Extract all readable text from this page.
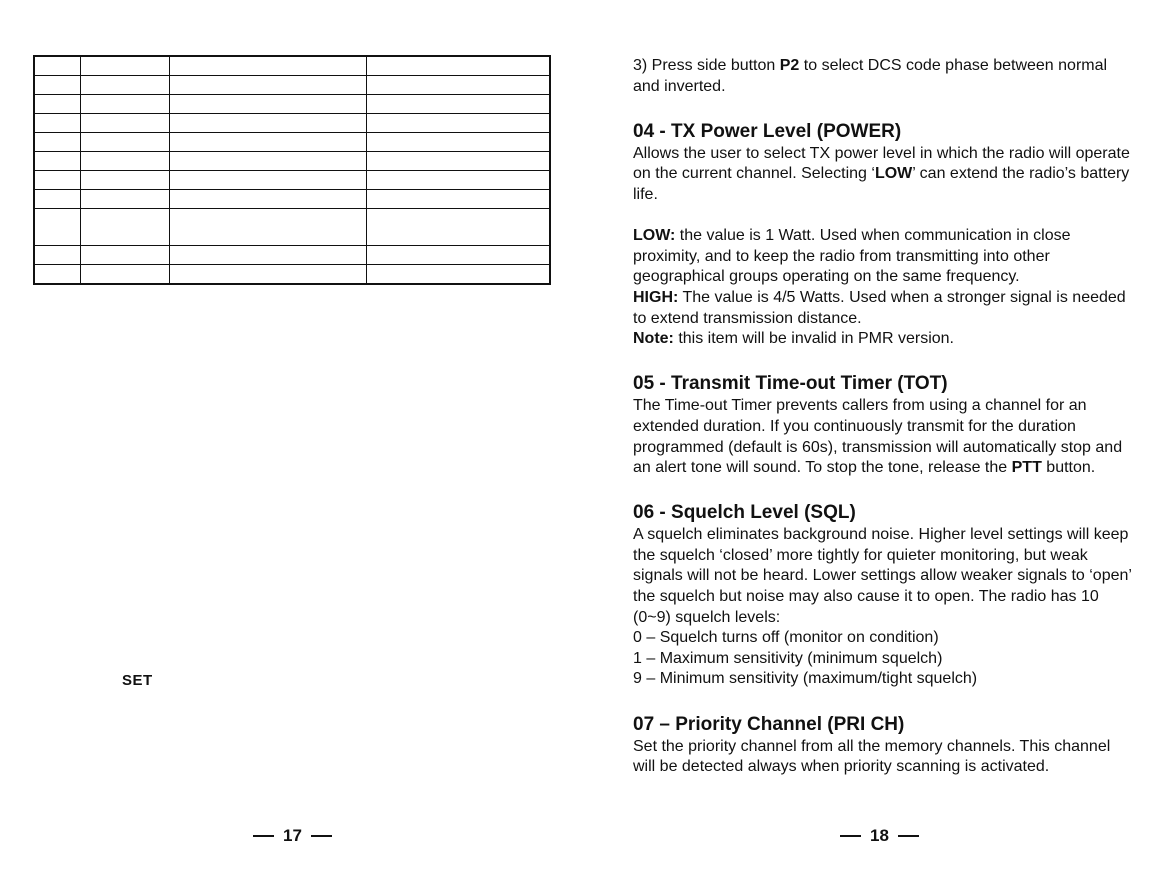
SET
17

3) Press side button P2 to select DCS code phase between normal and inverted.

04 - TX Power Level (POWER)

Allows the user to select TX power level in which the radio will operate on the current channel. Selecting ‘LOW’ can extend the radio’s battery life.

LOW: the value is 1 Watt. Used when communication in close proximity, and to keep the radio from transmitting into other geographical groups operating on the same frequency.

HIGH: The value is 4/5 Watts. Used when a stronger signal is needed to extend transmission distance.

Note: this item will be invalid in PMR version.

05 - Transmit Time-out Timer (TOT)

The Time-out Timer prevents callers from using a channel for an extended duration. If you continuously transmit for the duration programmed (default is 60s), transmission will automatically stop and an alert tone will sound. To stop the tone, release the PTT button.

06 - Squelch Level (SQL)

A squelch eliminates background noise. Higher level settings will keep the squelch ‘closed’ more tightly for quieter monitoring, but weak signals will not be heard. Lower settings allow weaker signals to ‘open’ the squelch but noise may also cause it to open. The radio has 10 (0~9) squelch levels:

0 – Squelch turns off (monitor on condition)

1 – Maximum sensitivity (minimum squelch)

9 – Minimum sensitivity (maximum/tight squelch)

07 – Priority Channel (PRI CH)

Set the priority channel from all the memory channels. This channel will be detected always when priority scanning is activated.

18
